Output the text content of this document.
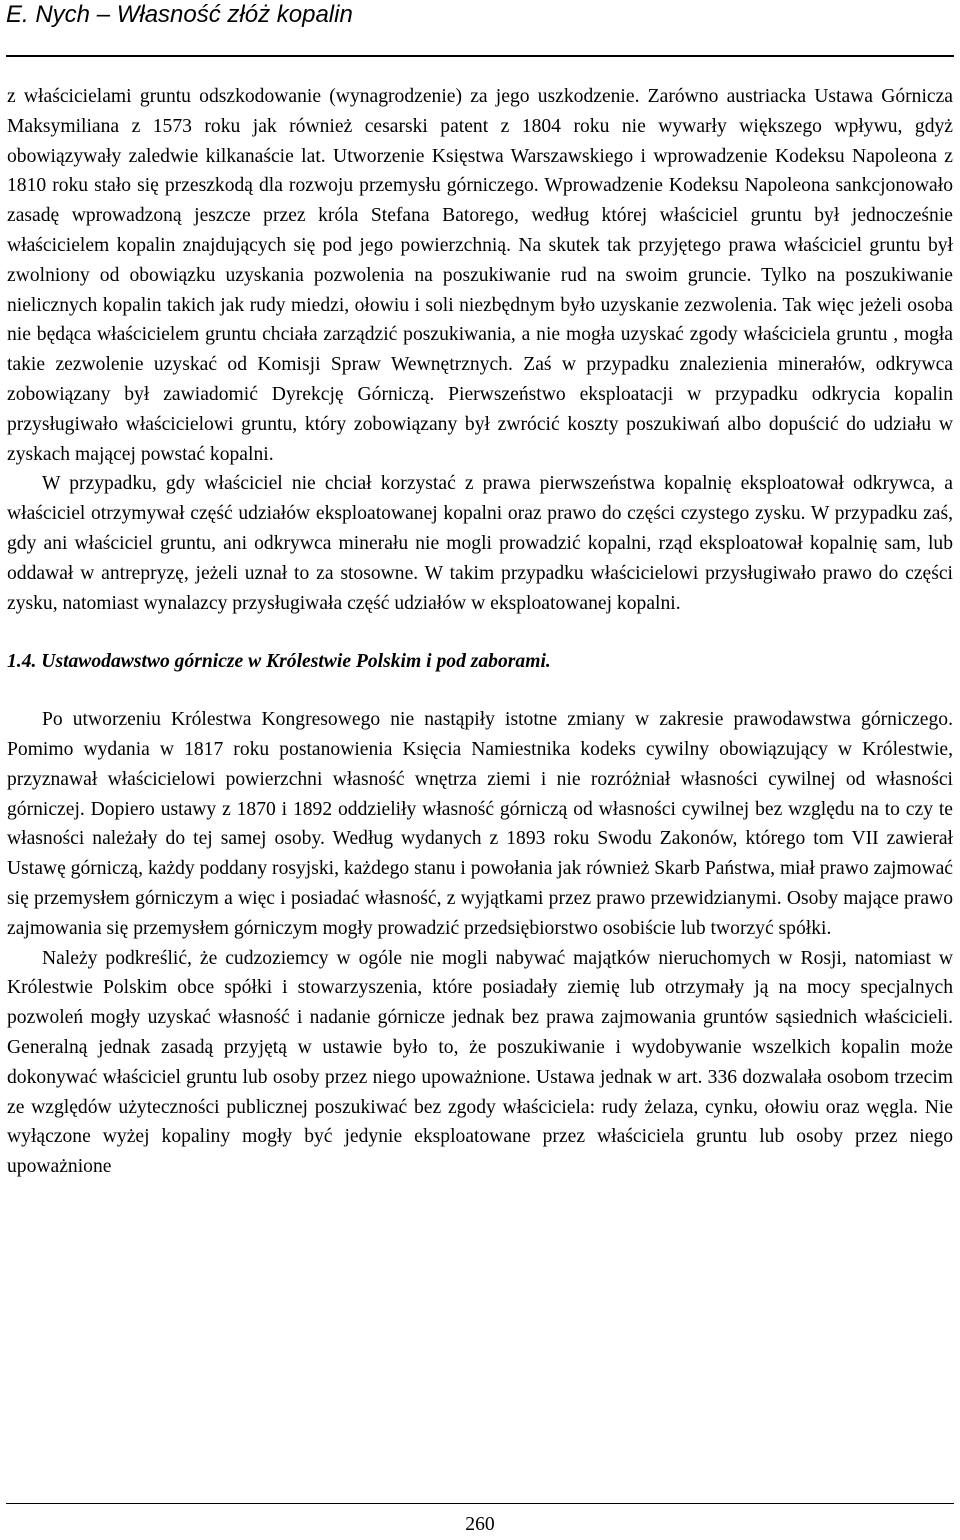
E. Nych – Własność złóż kopalin

z właścicielami gruntu odszkodowanie (wynagrodzenie) za jego uszkodzenie. Zarówno austriacka Ustawa Górnicza Maksymiliana z 1573 roku jak również cesarski patent z 1804 roku nie wywarły większego wpływu, gdyż obowiązywały zaledwie kilkanaście lat. Utworzenie Księstwa Warszawskiego i wprowadzenie Kodeksu Napoleona z 1810 roku stało się przeszkodą dla rozwoju przemysłu górniczego. Wprowadzenie Kodeksu Napoleona sankcjonowało zasadę wprowadzoną jeszcze przez króla Stefana Batorego, według której właściciel gruntu był jednocześnie właścicielem kopalin znajdujących się pod jego powierzchnią. Na skutek tak przyjętego prawa właściciel gruntu był zwolniony od obowiązku uzyskania pozwolenia na poszukiwanie rud na swoim gruncie. Tylko na poszukiwanie nielicznych kopalin takich jak rudy miedzi, ołowiu i soli niezbędnym było uzyskanie zezwolenia. Tak więc jeżeli osoba nie będąca właścicielem gruntu chciała zarządzić poszukiwania, a nie mogła uzyskać zgody właściciela gruntu , mogła takie zezwolenie uzyskać od Komisji Spraw Wewnętrznych. Zaś w przypadku znalezienia minerałów, odkrywca zobowiązany był zawiadomić Dyrekcję Górniczą. Pierwszeństwo eksploatacji w przypadku odkrycia kopalin przysługiwało właścicielowi gruntu, który zobowiązany był zwrócić koszty poszukiwań albo dopuścić do udziału w zyskach mającej powstać kopalni.

W przypadku, gdy właściciel nie chciał korzystać z prawa pierwszeństwa kopalnię eksploatował odkrywca, a właściciel otrzymywał część udziałów eksploatowanej kopalni oraz prawo do części czystego zysku. W przypadku zaś, gdy ani właściciel gruntu, ani odkrywca minerału nie mogli prowadzić kopalni, rząd eksploatował kopalnię sam, lub oddawał w antrepryzę, jeżeli uznał to za stosowne. W takim przypadku właścicielowi przysługiwało prawo do części zysku, natomiast wynalazcy przysługiwała część udziałów w eksploatowanej kopalni.

1.4. Ustawodawstwo górnicze w Królestwie Polskim i pod zaborami.

Po utworzeniu Królestwa Kongresowego nie nastąpiły istotne zmiany w zakresie prawodawstwa górniczego. Pomimo wydania w 1817 roku postanowienia Księcia Namiestnika kodeks cywilny obowiązujący w Królestwie, przyznawał właścicielowi powierzchni własność wnętrza ziemi i nie rozróżniał własności cywilnej od własności górniczej. Dopiero ustawy z 1870 i 1892 oddzieliły własność górniczą od własności cywilnej bez względu na to czy te własności należały do tej samej osoby. Według wydanych z 1893 roku Swodu Zakonów, którego tom VII zawierał Ustawę górniczą, każdy poddany rosyjski, każdego stanu i powołania jak również Skarb Państwa, miał prawo zajmować się przemysłem górniczym a więc i posiadać własność, z wyjątkami przez prawo przewidzianymi. Osoby mające prawo zajmowania się przemysłem górniczym mogły prowadzić przedsiębiorstwo osobiście lub tworzyć spółki.

Należy podkreślić, że cudzoziemcy w ogóle nie mogli nabywać majątków nieruchomych w Rosji, natomiast w Królestwie Polskim obce spółki i stowarzyszenia, które posiadały ziemię lub otrzymały ją na mocy specjalnych pozwoleń mogły uzyskać własność i nadanie górnicze jednak bez prawa zajmowania gruntów sąsiednich właścicieli. Generalną jednak zasadą przyjętą w ustawie było to, że poszukiwanie i wydobywanie wszelkich kopalin może dokonywać właściciel gruntu lub osoby przez niego upoważnione. Ustawa jednak w art. 336 dozwalała osobom trzecim ze względów użyteczności publicznej poszukiwać bez zgody właściciela: rudy żelaza, cynku, ołowiu oraz węgla. Nie wyłączone wyżej kopaliny mogły być jedynie eksploatowane przez właściciela gruntu lub osoby przez niego upoważnione

260
